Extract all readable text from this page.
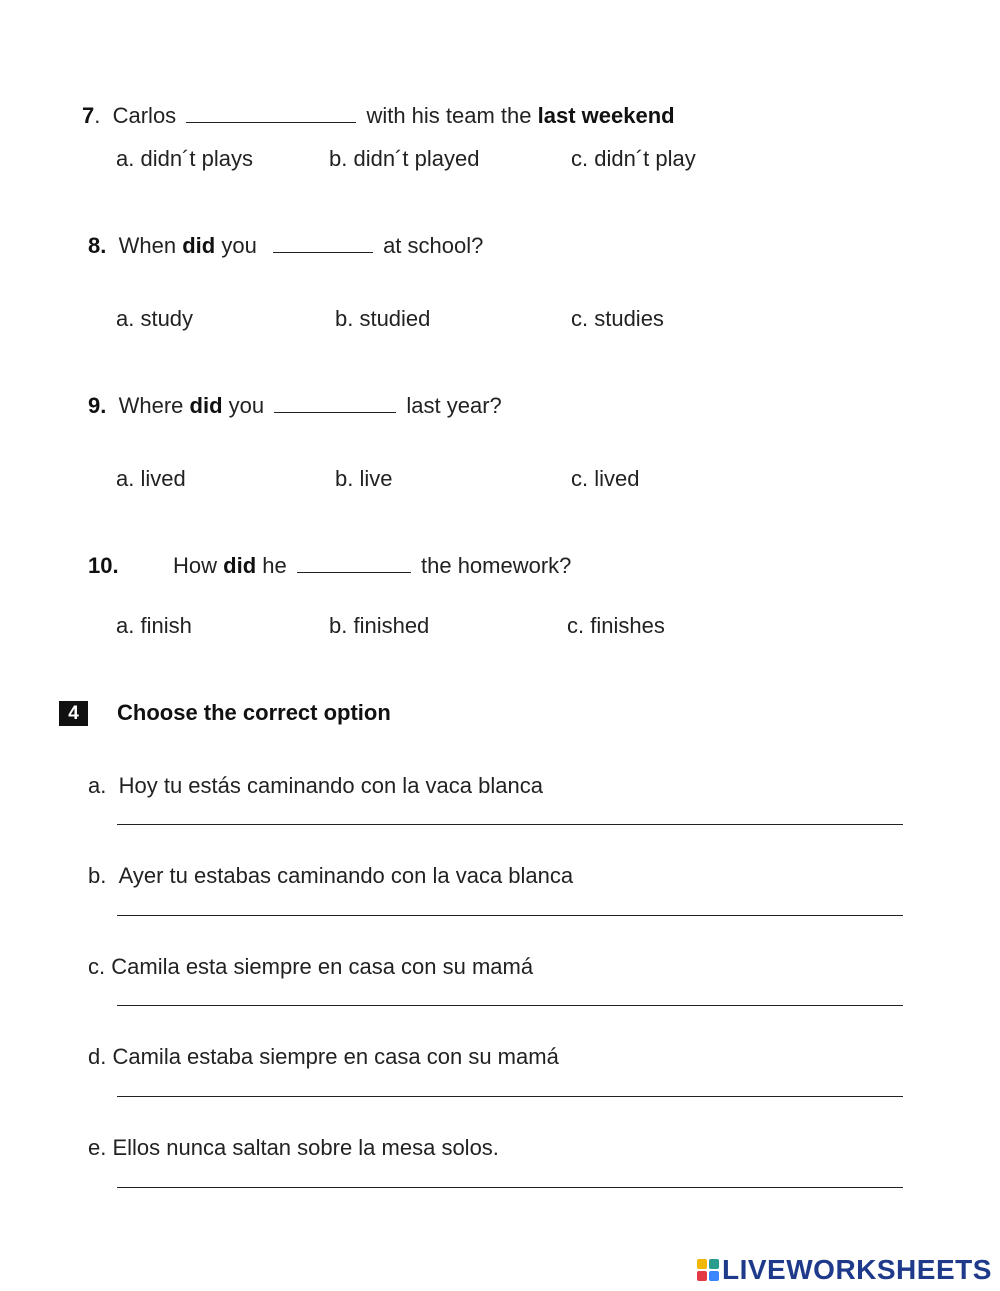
7. Carlos	with his team the last weekend
a. didn´t plays	b. didn´t played	c. didn´t play
8. When did you	at school?
a. study	b. studied	c. studies
9. Where did you	last year?
a. lived	b. live	c. lived
10. How did he	the homework?
a. finish	b. finished	c. finishes
4	Choose the correct option
a. Hoy tu estás caminando con la vaca blanca
b. Ayer tu estabas caminando con la vaca blanca
c. Camila esta siempre en casa con su mamá
d. Camila estaba siempre en casa con su mamá
e. Ellos nunca saltan sobre la mesa solos.
LIVEWORKSHEETS
